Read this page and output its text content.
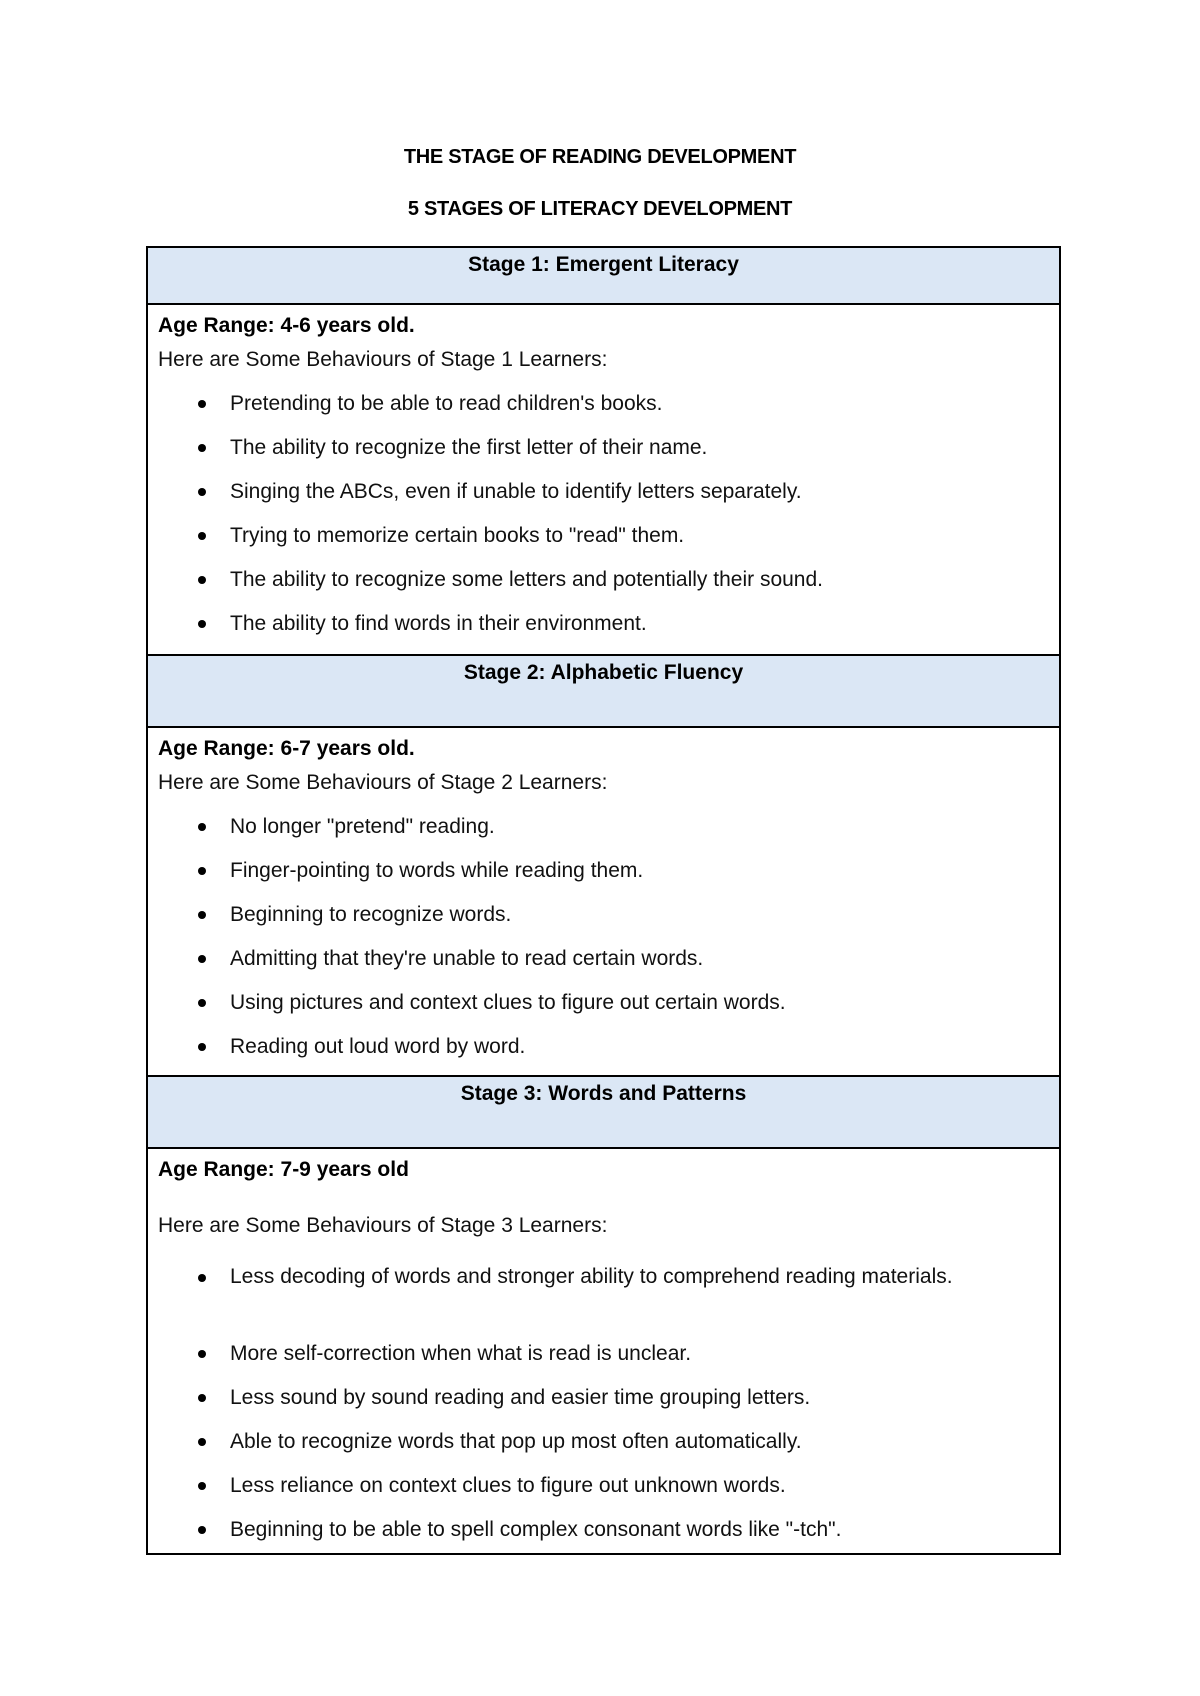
THE STAGE OF READING DEVELOPMENT
5 STAGES OF LITERACY DEVELOPMENT
Stage 1: Emergent Literacy
Age Range: 4-6 years old.
Here are Some Behaviours of Stage 1 Learners:
Pretending to be able to read children's books.
The ability to recognize the first letter of their name.
Singing the ABCs, even if unable to identify letters separately.
Trying to memorize certain books to "read" them.
The ability to recognize some letters and potentially their sound.
The ability to find words in their environment.
Stage 2: Alphabetic Fluency
Age Range: 6-7 years old.
Here are Some Behaviours of Stage 2 Learners:
No longer "pretend" reading.
Finger-pointing to words while reading them.
Beginning to recognize words.
Admitting that they're unable to read certain words.
Using pictures and context clues to figure out certain words.
Reading out loud word by word.
Stage 3: Words and Patterns
Age Range: 7-9 years old
Here are Some Behaviours of Stage 3 Learners:
Less decoding of words and stronger ability to comprehend reading materials.
More self-correction when what is read is unclear.
Less sound by sound reading and easier time grouping letters.
Able to recognize words that pop up most often automatically.
Less reliance on context clues to figure out unknown words.
Beginning to be able to spell complex consonant words like "-tch".
